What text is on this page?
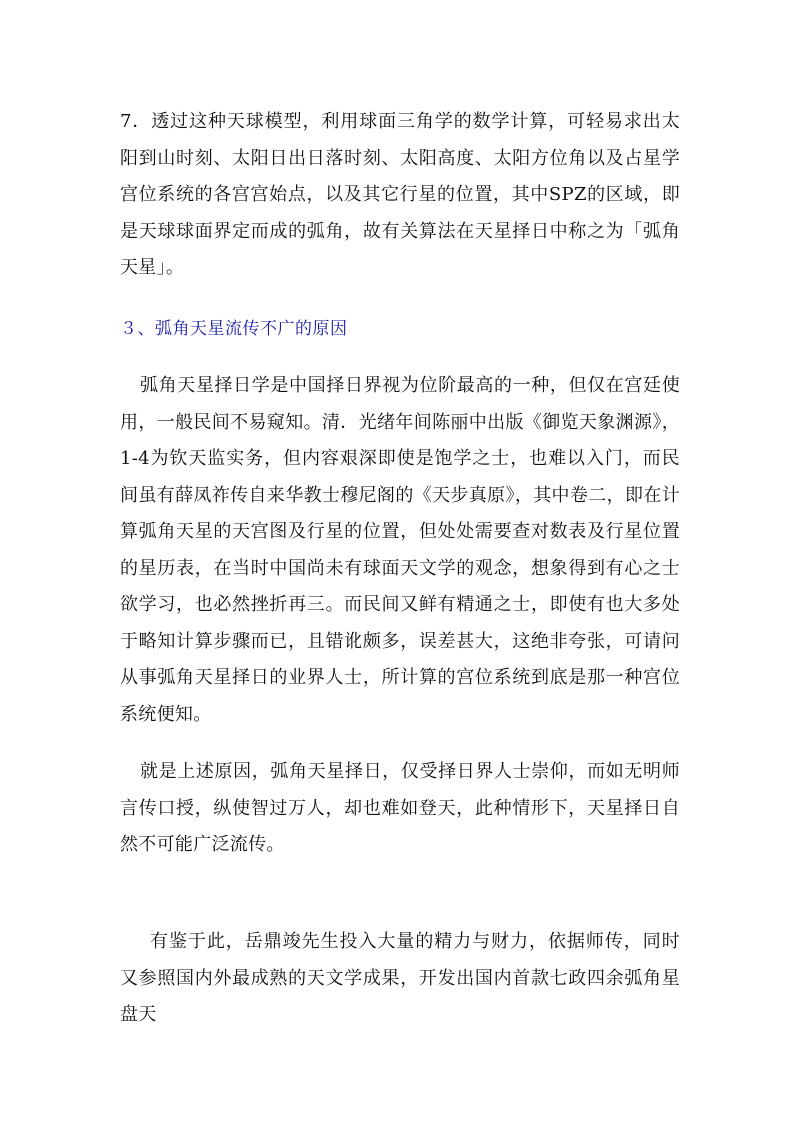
7．透过这种天球模型，利用球面三角学的数学计算，可轻易求出太阳到山时刻、太阳日出日落时刻、太阳高度、太阳方位角以及占星学宫位系统的各宫宫始点，以及其它行星的位置，其中SPZ的区域，即是天球球面界定而成的弧角，故有关算法在天星择日中称之为「弧角天星」。

３、弧角天星流传不广的原因

弧角天星择日学是中国择日界视为位阶最高的一种，但仅在宫廷使用，一般民间不易窥知。清．光绪年间陈丽中出版《御览天象渊源》，1-4为钦天监实务，但内容艰深即使是饱学之士，也难以入门，而民间虽有薛凤祚传自来华教士穆尼阁的《天步真原》，其中卷二，即在计算弧角天星的天宫图及行星的位置，但处处需要查对数表及行星位置的星历表，在当时中国尚未有球面天文学的观念，想象得到有心之士欲学习，也必然挫折再三。而民间又鲜有精通之士，即使有也大多处于略知计算步骤而已，且错讹颇多，误差甚大，这绝非夸张，可请问从事弧角天星择日的业界人士，所计算的宫位系统到底是那一种宫位系统便知。

就是上述原因，弧角天星择日，仅受择日界人士崇仰，而如无明师言传口授，纵使智过万人，却也难如登天，此种情形下，天星择日自然不可能广泛流传。

有鉴于此，岳鼎竣先生投入大量的精力与财力，依据师传，同时又参照国内外最成熟的天文学成果，开发出国内首款七政四余弧角星盘天
